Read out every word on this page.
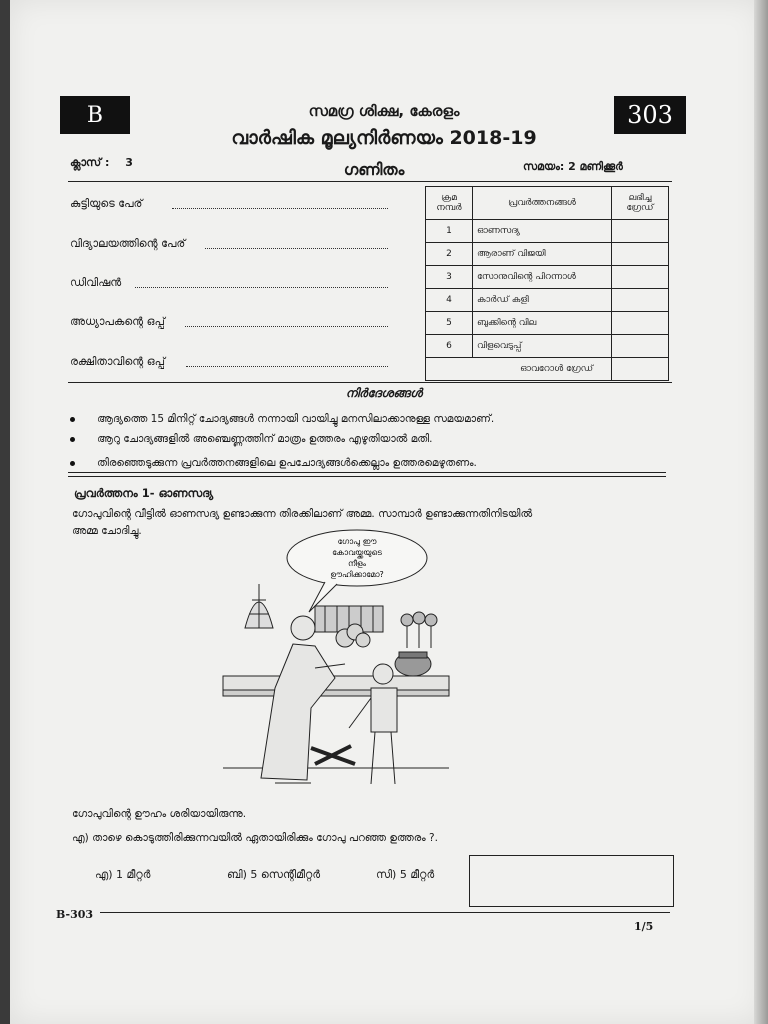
B	303
സമഗ്ര ശിക്ഷ, കേരളം
വാർഷിക മൂല്യനിർണയം 2018-19
ക്ലാസ് : 3	ഗണിതം	സമയം: 2 മണിക്കൂർ
കുട്ടിയുടെ പേര്
വിദ്യാലയത്തിന്റെ പേര്
ഡിവിഷൻ
അധ്യാപകന്റെ ഒപ്പ്
രക്ഷിതാവിന്റെ ഒപ്പ്
ക്രമ നമ്പർ	പ്രവർത്തനങ്ങൾ	ലഭിച്ച ഗ്രേഡ്
1	ഓണസദ്യ	
2	ആരാണ് വിജയി	
3	സോനുവിന്റെ പിറന്നാൾ	
4	കാർഡ് കളി	
5	ബുക്കിന്റെ വില	
6	വിളവെടുപ്പ്	
ഓവറോൾ ഗ്രേഡ്		
നിർദേശങ്ങൾ
ആദ്യത്തെ 15 മിനിറ്റ് ചോദ്യങ്ങൾ നന്നായി വായിച്ചു മനസിലാക്കാനുള്ള സമയമാണ്.
ആറു ചോദ്യങ്ങളിൽ അഞ്ചെണ്ണത്തിന് മാത്രം ഉത്തരം എഴുതിയാൽ മതി.
തിരഞ്ഞെടുക്കുന്ന പ്രവർത്തനങ്ങളിലെ ഉപചോദ്യങ്ങൾക്കെല്ലാം ഉത്തരമെഴുതണം.
പ്രവർത്തനം 1- ഓണസദ്യ
ഗോപുവിന്റെ വീട്ടിൽ ഓണസദ്യ ഉണ്ടാക്കുന്ന തിരക്കിലാണ് അമ്മ. സാമ്പാർ ഉണ്ടാക്കുന്നതിനിടയിൽ
അമ്മ ചോദിച്ചു.
ഗോപു ഈ
കോവയ്ക്കയുടെ
നീളം
ഊഹിക്കാമോ?
ഗോപുവിന്റെ ഊഹം ശരിയായിരുന്നു.
എ) താഴെ കൊടുത്തിരിക്കുന്നവയിൽ ഏതായിരിക്കും ഗോപു പറഞ്ഞ ഉത്തരം ?.
എ) 1 മീറ്റർ	ബി) 5 സെന്റിമീറ്റർ	സി) 5 മീറ്റർ
B-303
1/5
